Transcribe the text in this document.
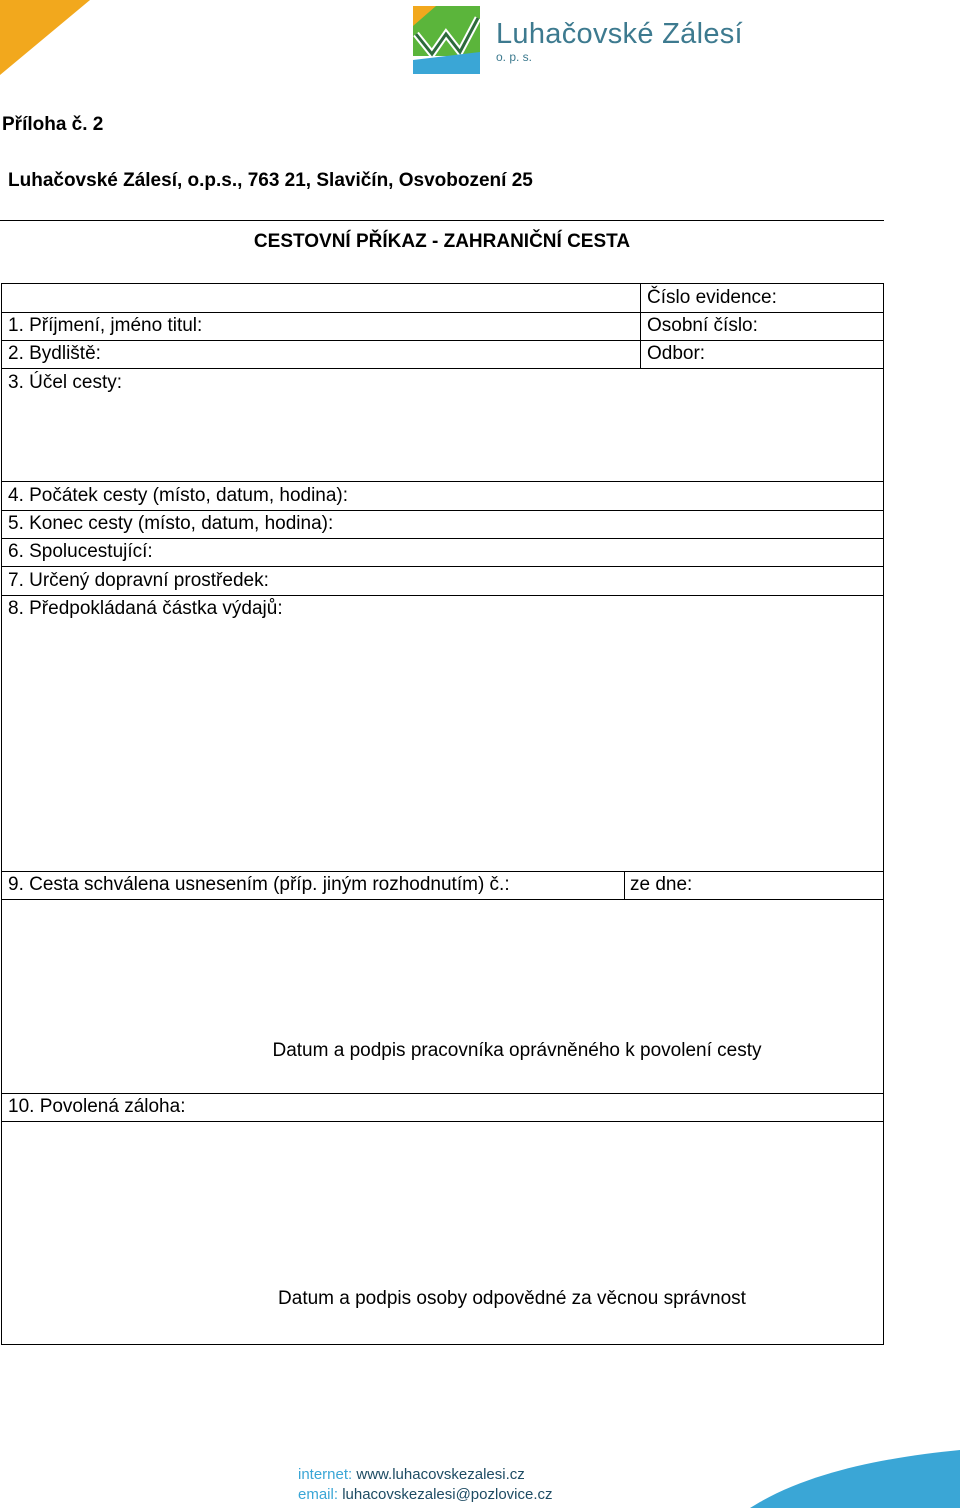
Luhačovské Zálesí
o. p. s.
Příloha č. 2
Luhačovské Zálesí, o.p.s., 763 21, Slavičín, Osvobození 25
CESTOVNÍ PŘÍKAZ - ZAHRANIČNÍ CESTA
Číslo evidence:
1. Příjmení, jméno titul:	Osobní číslo:
2. Bydliště:	Odbor:
3. Účel cesty:
4. Počátek cesty (místo, datum, hodina):
5. Konec cesty (místo, datum, hodina):
6. Spolucestující:
7. Určený dopravní prostředek:
8. Předpokládaná částka výdajů:
9. Cesta schválena usnesením (příp. jiným rozhodnutím) č.:	ze dne:
Datum a podpis pracovníka oprávněného k povolení cesty
10. Povolená záloha:
Datum a podpis osoby odpovědné za věcnou správnost
internet: www.luhacovskezalesi.cz
email: luhacovskezalesi@pozlovice.cz
